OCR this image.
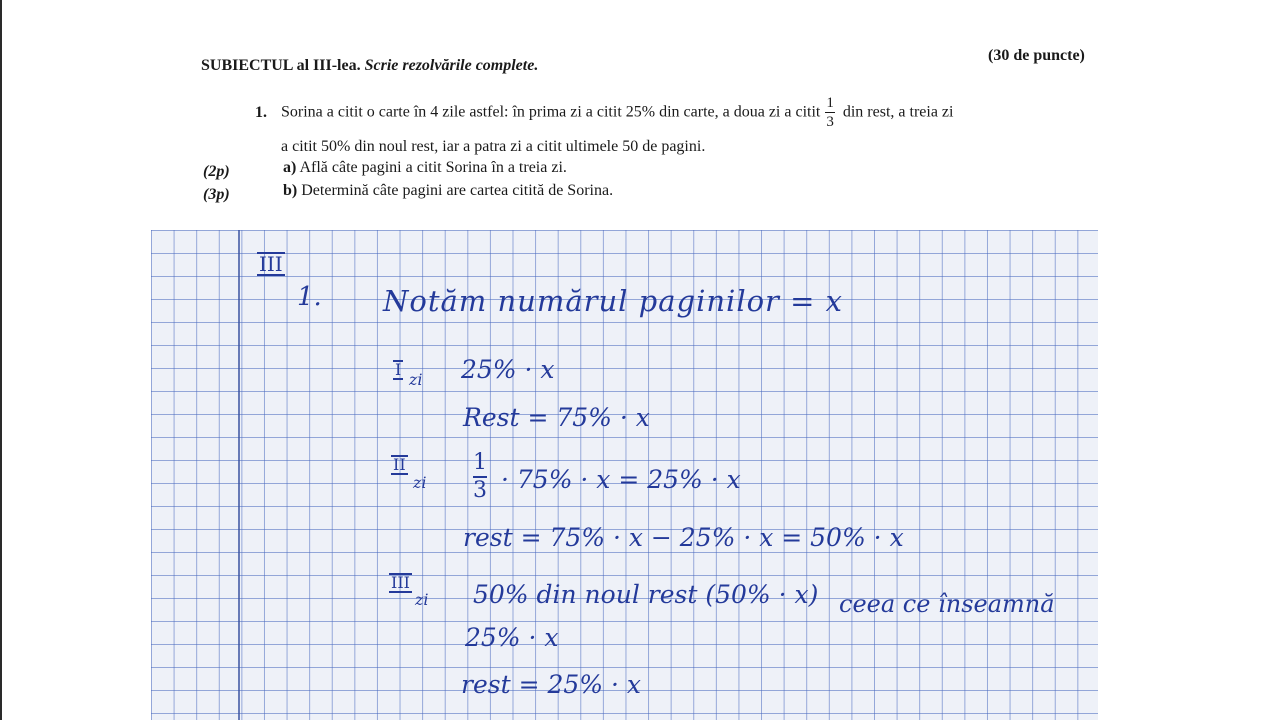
SUBIECTUL al III-lea. Scrie rezolvările complete.
(30 de puncte)
1. Sorina a citit o carte în 4 zile astfel: în prima zi a citit 25% din carte, a doua zi a citit $\frac{1}{3}$ din rest, a treia zi
a citit 50% din noul rest, iar a patra zi a citit ultimele 50 de pagini.
(2p)	a) Află câte pagini a citit Sorina în a treia zi.
(3p)	b) Determină câte pagini are cartea citită de Sorina.
III
1. Notăm numărul paginilor = x
I
zi 25% · x
Rest = 75% · x
II
zi
1
3 · 75% · x = 25% · x
rest = 75% · x − 25% · x = 50% · x
III
zi 50% din noul rest (50% · x) ceea ce înseamnă
25% · x
rest = 25% · x
